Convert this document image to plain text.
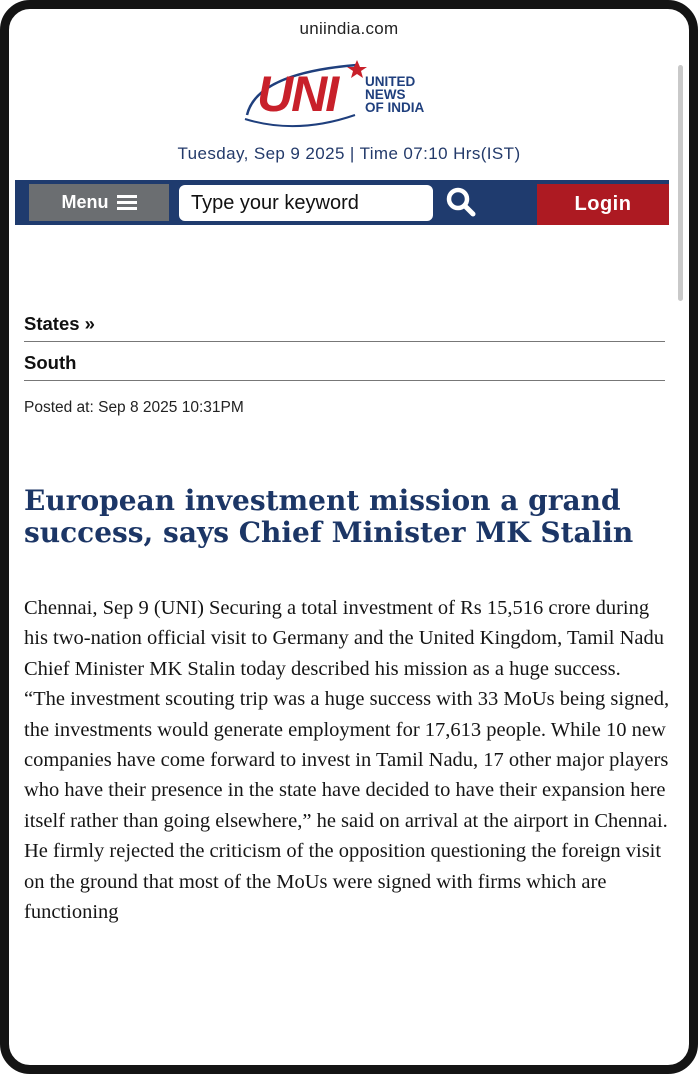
uniindia.com
UNI UNITED
NEWS
OF INDIA
Tuesday, Sep 9 2025 | Time 07:10 Hrs(IST)
Menu
Type your keyword	Login
States »
South
Posted at: Sep 8 2025 10:31PM
European investment mission a grand success, says Chief Minister MK Stalin

Chennai, Sep 9 (UNI) Securing a total investment of Rs 15,516 crore during his two-nation official visit to Germany and the United Kingdom, Tamil Nadu Chief Minister MK Stalin today described his mission as a huge success.

“The investment scouting trip was a huge success with 33 MoUs being signed, the investments would generate employment for 17,613 people. While 10 new companies have come forward to invest in Tamil Nadu, 17 other major players who have their presence in the state have decided to have their expansion here itself rather than going elsewhere,” he said on arrival at the airport in Chennai.

He firmly rejected the criticism of the opposition questioning the foreign visit on the ground that most of the MoUs were signed with firms which are functioning
